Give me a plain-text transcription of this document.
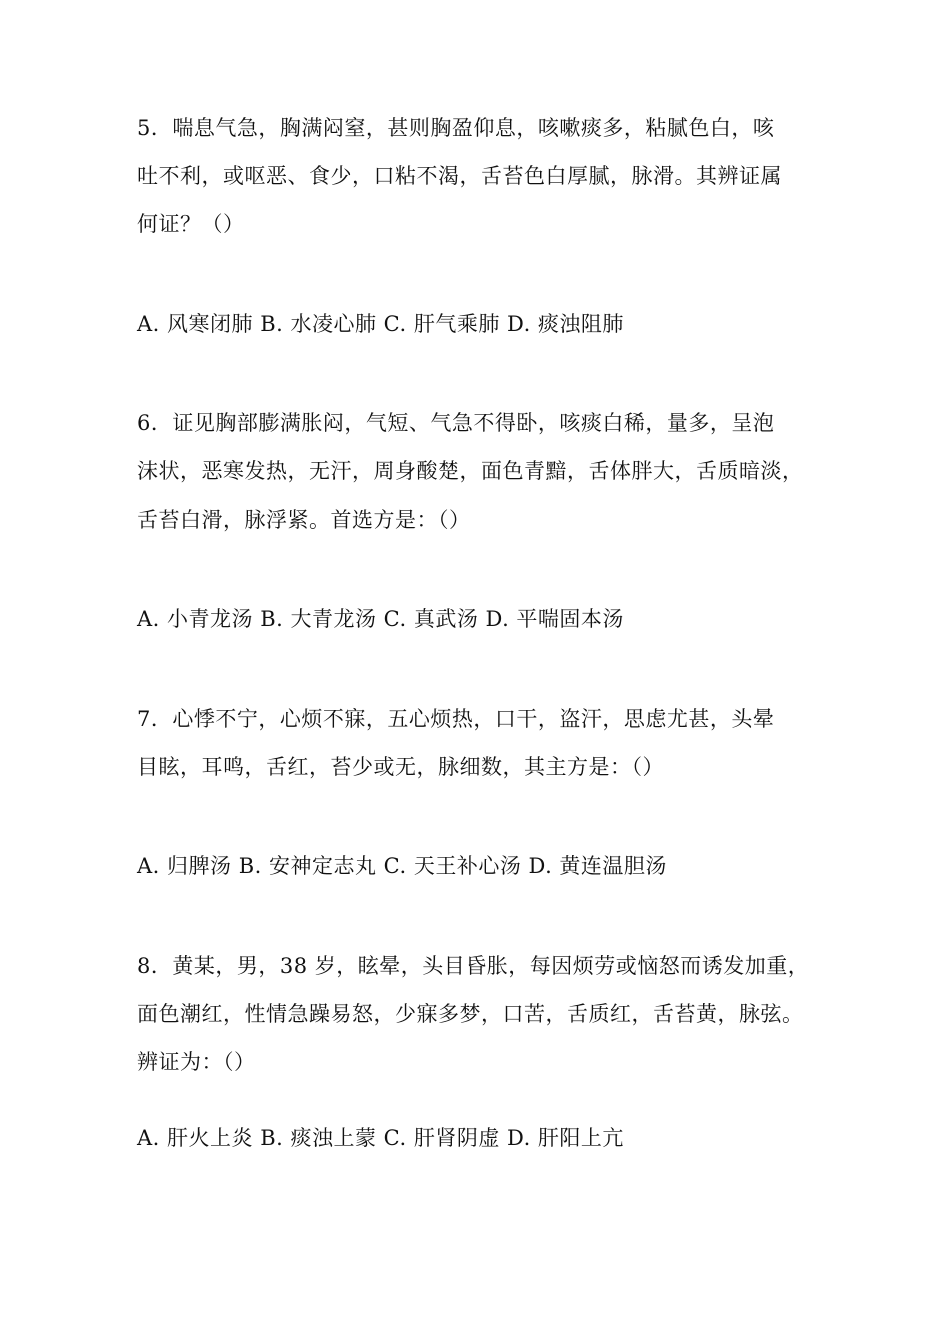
5．喘息气急，胸满闷窒，甚则胸盈仰息，咳嗽痰多，粘腻色白，咳
吐不利，或呕恶、食少，口粘不渴，舌苔色白厚腻，脉滑。其辨证属
何证？（）
A. 风寒闭肺 B. 水凌心肺 C. 肝气乘肺 D. 痰浊阻肺
6．证见胸部膨满胀闷，气短、气急不得卧，咳痰白稀，量多，呈泡
沫状，恶寒发热，无汗，周身酸楚，面色青黯，舌体胖大，舌质暗淡，
舌苔白滑，脉浮紧。首选方是：（）
A. 小青龙汤 B. 大青龙汤 C. 真武汤 D. 平喘固本汤
7．心悸不宁，心烦不寐，五心烦热，口干，盗汗，思虑尤甚，头晕
目眩，耳鸣，舌红，苔少或无，脉细数，其主方是：（）
A. 归脾汤 B. 安神定志丸 C. 天王补心汤 D. 黄连温胆汤
8．黄某，男，38 岁，眩晕，头目昏胀，每因烦劳或恼怒而诱发加重，
面色潮红，性情急躁易怒，少寐多梦，口苦，舌质红，舌苔黄，脉弦。
辨证为：（）
A. 肝火上炎 B. 痰浊上蒙 C. 肝肾阴虚 D. 肝阳上亢
